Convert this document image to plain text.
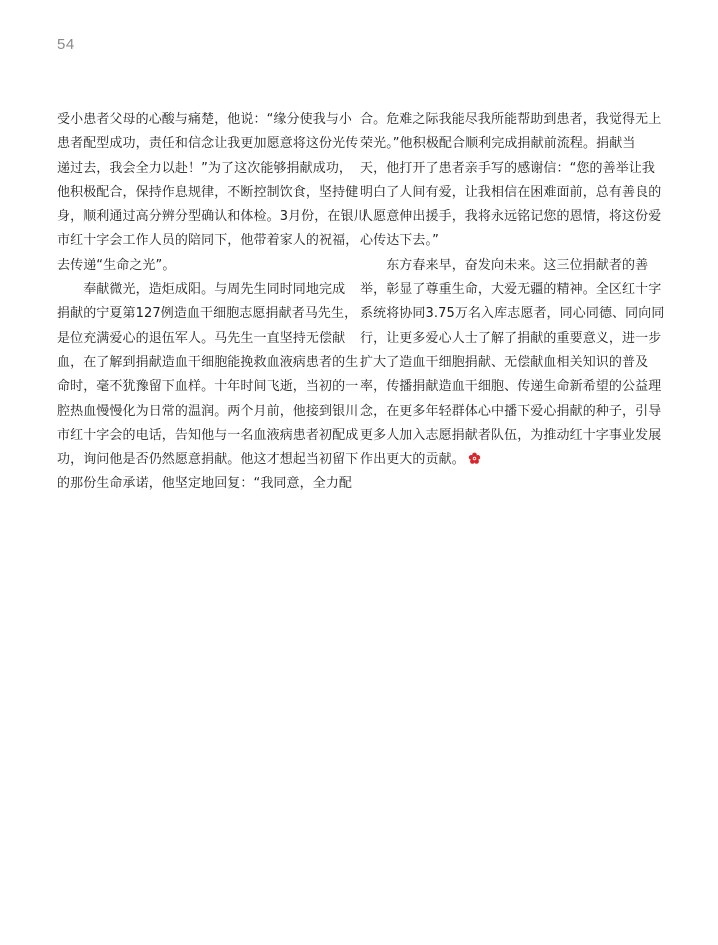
54
受小患者父母的心酸与痛楚，他说：“缘分使我与小
患者配型成功，责任和信念让我更加愿意将这份光传
递过去，我会全力以赴！”为了这次能够捐献成功，
他积极配合，保持作息规律，不断控制饮食，坚持健
身，顺利通过高分辨分型确认和体检。3月份，在银川
市红十字会工作人员的陪同下，他带着家人的祝福，
去传递“生命之光”。
　　奉献微光，造炬成阳。与周先生同时同地完成
捐献的宁夏第127例造血干细胞志愿捐献者马先生，
是位充满爱心的退伍军人。马先生一直坚持无偿献
血，在了解到捐献造血干细胞能挽救血液病患者的生
命时，毫不犹豫留下血样。十年时间飞逝，当初的一
腔热血慢慢化为日常的温润。两个月前，他接到银川
市红十字会的电话，告知他与一名血液病患者初配成
功，询问他是否仍然愿意捐献。他这才想起当初留下
的那份生命承诺，他坚定地回复：“我同意，全力配
合。危难之际我能尽我所能帮助到患者，我觉得无上
荣光。”他积极配合顺利完成捐献前流程。捐献当
天，他打开了患者亲手写的感谢信：“您的善举让我
明白了人间有爱，让我相信在困难面前，总有善良的
人愿意伸出援手，我将永远铭记您的恩情，将这份爱
心传达下去。”
　　东方春来早，奋发向未来。这三位捐献者的善
举，彰显了尊重生命，大爱无疆的精神。全区红十字
系统将协同3.75万名入库志愿者，同心同德、同向同
行，让更多爱心人士了解了捐献的重要意义，进一步
扩大了造血干细胞捐献、无偿献血相关知识的普及
率，传播捐献造血干细胞、传递生命新希望的公益理
念，在更多年轻群体心中播下爱心捐献的种子，引导
更多人加入志愿捐献者队伍，为推动红十字事业发展
作出更大的贡献。
